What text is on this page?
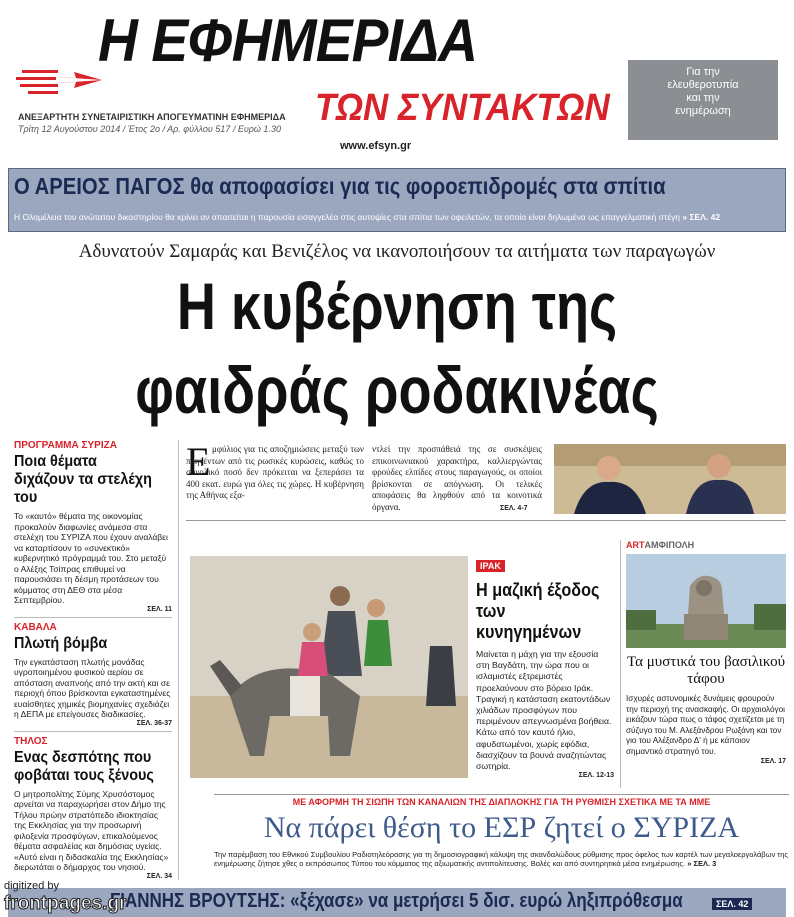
Η ΕΦΗΜΕΡΙΔΑ
ΤΩΝ ΣΥΝΤΑΚΤΩΝ
ΑΝΕΞΑΡΤΗΤΗ ΣΥΝΕΤΑΙΡΙΣΤΙΚΗ ΑΠΟΓΕΥΜΑΤΙΝΗ ΕΦΗΜΕΡΙΔΑ
Τρίτη 12 Αυγούστου 2014 / Έτος 2ο / Αρ. φύλλου 517 / Ευρώ 1.30
www.efsyn.gr
Για την
ελευθεροτυπία
και την
ενημέρωση
Ο ΑΡΕΙΟΣ ΠΑΓΟΣ θα αποφασίσει για τις φοροεπιδρομές στα σπίτια
Η Ολομέλεια του ανώτατου δικαστηρίου θα κρίνει αν απαιτείται η παρουσία εισαγγελέα στις αυτοψίες στα σπίτια των οφειλετών, τα οποία είναι δηλωμένα ως επαγγελματική στέγη » ΣΕΛ. 42
Αδυνατούν Σαμαράς και Βενιζέλος να ικανοποιήσουν τα αιτήματα των παραγωγών
Η κυβέρνηση της
φαιδράς ροδακινέας
ΠΡΟΓΡΑΜΜΑ ΣΥΡΙΖΑ
Ποια θέματα διχάζουν τα στελέχη του
Το «καυτό» θέματα της οικονομίας προκαλούν διαφωνίες ανάμεσα στα στελέχη του ΣΥΡΙΖΑ που έχουν αναλάβει να καταρτίσουν το «συνεκτικό» κυβερνητικό πρόγραμμά του. Στο μεταξύ ο Αλέξης Τσίπρας επιθυμεί να παρουσιάσει τη δέσμη προτάσεων του κόμματος στη ΔΕΘ στα μέσα Σεπτεμβρίου.
ΣΕΛ. 11
ΚΑΒΑΛΑ
Πλωτή βόμβα
Την εγκατάσταση πλωτής μονάδας υγροποιημένου φυσικού αερίου σε απόσταση αναπνοής από την ακτή και σε περιοχή όπου βρίσκονται εγκαταστημένες ευαίσθητες χημικές βιομηχανίες σχεδιάζει η ΔΕΠΑ με επείγουσες διαδικασίες.
ΣΕΛ. 36-37
ΤΗΛΟΣ
Ενας δεσπότης που φοβάται τους ξένους
Ο μητροπολίτης Σύμης Χρυσόστομος αρνείται να παραχωρήσει στον Δήμο της Τήλου πρώην στρατόπεδο ιδιοκτησίας της Εκκλησίας για την προσωρινή φιλοξενία προσφύγων, επικαλούμενος θέματα ασφαλείας και δημόσιας υγείας. «Αυτό είναι η διδασκαλία της Εκκλησίας» διερωτάται ο δήμαρχος του νησιού.
ΣΕΛ. 34
Ε μφύλιος για τις αποζημιώσεις μεταξύ των πληγέντων από τις ρωσικές κυρώσεις, καθώς το συνολικό ποσό δεν πρόκειται να ξεπεράσει τα 400 εκατ. ευρώ για όλες τις χώρες. Η κυβέρνηση της Αθήνας εξα-
ντλεί την προσπάθειά της σε συσκέψεις επικοινωνιακού χαρακτήρα, καλλιεργώντας φρούδες ελπίδες στους παραγωγούς, οι οποίοι βρίσκονται σε απόγνωση. Οι τελικές αποφάσεις θα ληφθούν από τα κοινοτικά όργανα.	ΣΕΛ. 4-7
ΙΡΑΚ
Η μαζική έξοδος των κυνηγημένων
Μαίνεται η μάχη για την εξουσία στη Βαγδάτη, την ώρα που οι ισλαμιστές εξτρεμιστές προελαύνουν στο βόρειο Ιράκ. Τραγική η κατάσταση εκατοντάδων χιλιάδων προσφύγων που περιμένουν απεγνωσμένα βοήθεια. Κάτω από τον καυτό ήλιο, αφυδατωμένοι, χωρίς εφόδια, διασχίζουν τα βουνά αναζητώντας σωτηρία.
ΣΕΛ. 12-13
ARTΑΜΦΙΠΟΛΗ
Τα μυστικά του βασιλικού τάφου
Ισχυρές αστυνομικές δυνάμεις φρουρούν την περιοχή της ανασκαφής. Οι αρχαιολόγοι εικάζουν τώρα πως ο τάφος σχετίζεται με τη σύζυγο του Μ. Αλεξάνδρου Ρωξάνη και τον γιο του Αλέξανδρο Δ' ή με κάποιον σημαντικό στρατηγό του.
ΣΕΛ. 17
ΜΕ ΑΦΟΡΜΗ ΤΗ ΣΙΩΠΗ ΤΩΝ ΚΑΝΑΛΙΩΝ ΤΗΣ ΔΙΑΠΛΟΚΗΣ ΓΙΑ ΤΗ ΡΥΘΜΙΣΗ ΣΧΕΤΙΚΑ ΜΕ ΤΑ ΜΜΕ
Να πάρει θέση το ΕΣΡ ζητεί ο ΣΥΡΙΖΑ
Την παρέμβαση του Εθνικού Συμβουλίου Ραδιοτηλεόρασης για τη δημοσιογραφική κάλυψη της σκανδαλώδους ρύθμισης προς όφελος των καρτέλ των μεγαλοεργολάβων της ενημέρωσης ζήτησε χθες ο εκπρόσωπος Τύπου του κόμματος της αξιωματικής αντιπολίτευσης. Βολές και από συντηρητικά μέσα ενημέρωσης. » ΣΕΛ. 3
ΓΙΑΝΝΗΣ ΒΡΟΥΤΣΗΣ: «ξέχασε» να μετρήσει 5 δισ. ευρώ ληξιπρόθεσμα	ΣΕΛ. 42
digitized by
frontpages.gr
